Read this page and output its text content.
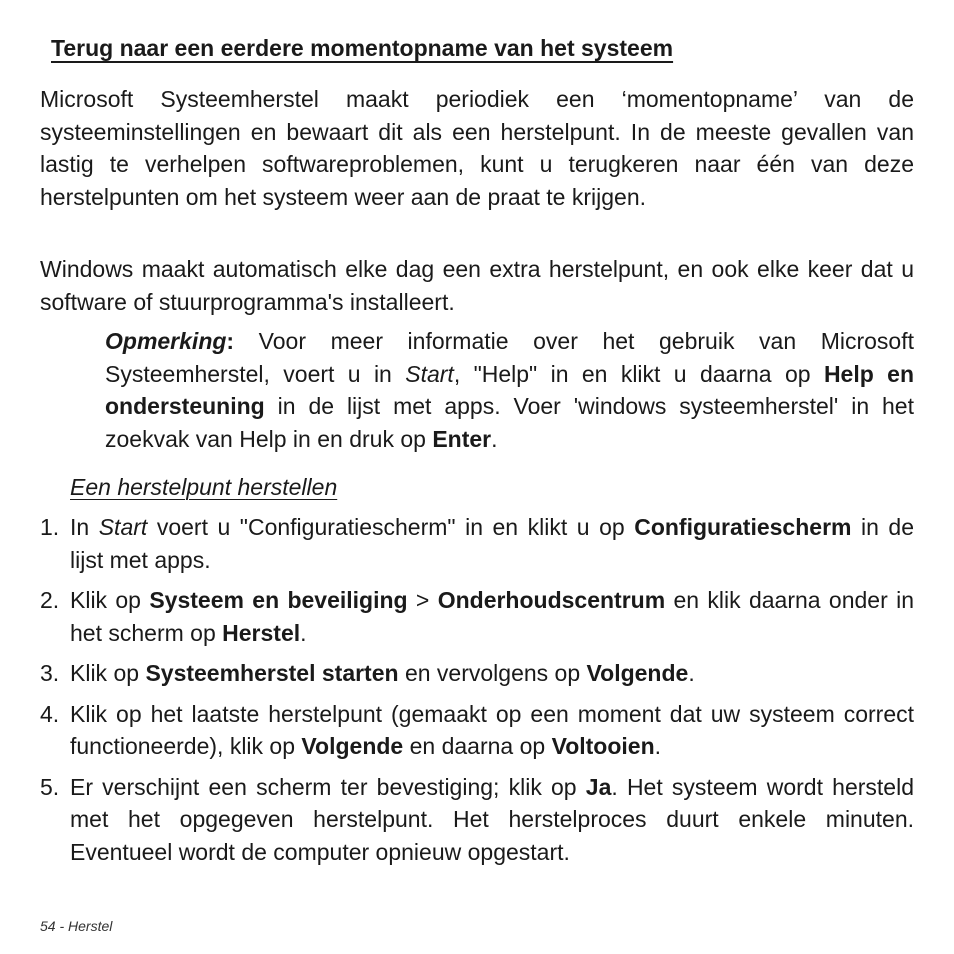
Terug naar een eerdere momentopname van het systeem

Microsoft Systeemherstel maakt periodiek een ‘momentopname’ van de systeeminstellingen en bewaart dit als een herstelpunt. In de meeste gevallen van lastig te verhelpen softwareproblemen, kunt u terugkeren naar één van deze herstelpunten om het systeem weer aan de praat te krijgen.

Windows maakt automatisch elke dag een extra herstelpunt, en ook elke keer dat u software of stuurprogramma's installeert.

Opmerking: Voor meer informatie over het gebruik van Microsoft Systeemherstel, voert u in Start, "Help" in en klikt u daarna op Help en ondersteuning in de lijst met apps. Voer 'windows systeemherstel' in het zoekvak van Help in en druk op Enter.

Een herstelpunt herstellen
1. In Start voert u "Configuratiescherm" in en klikt u op Configuratiescherm in de lijst met apps.
2. Klik op Systeem en beveiliging > Onderhoudscentrum en klik daarna onder in het scherm op Herstel.
3. Klik op Systeemherstel starten en vervolgens op Volgende.
4. Klik op het laatste herstelpunt (gemaakt op een moment dat uw systeem correct functioneerde), klik op Volgende en daarna op Voltooien.
5. Er verschijnt een scherm ter bevestiging; klik op Ja. Het systeem wordt hersteld met het opgegeven herstelpunt. Het herstelproces duurt enkele minuten. Eventueel wordt de computer opnieuw opgestart.
54 - Herstel
